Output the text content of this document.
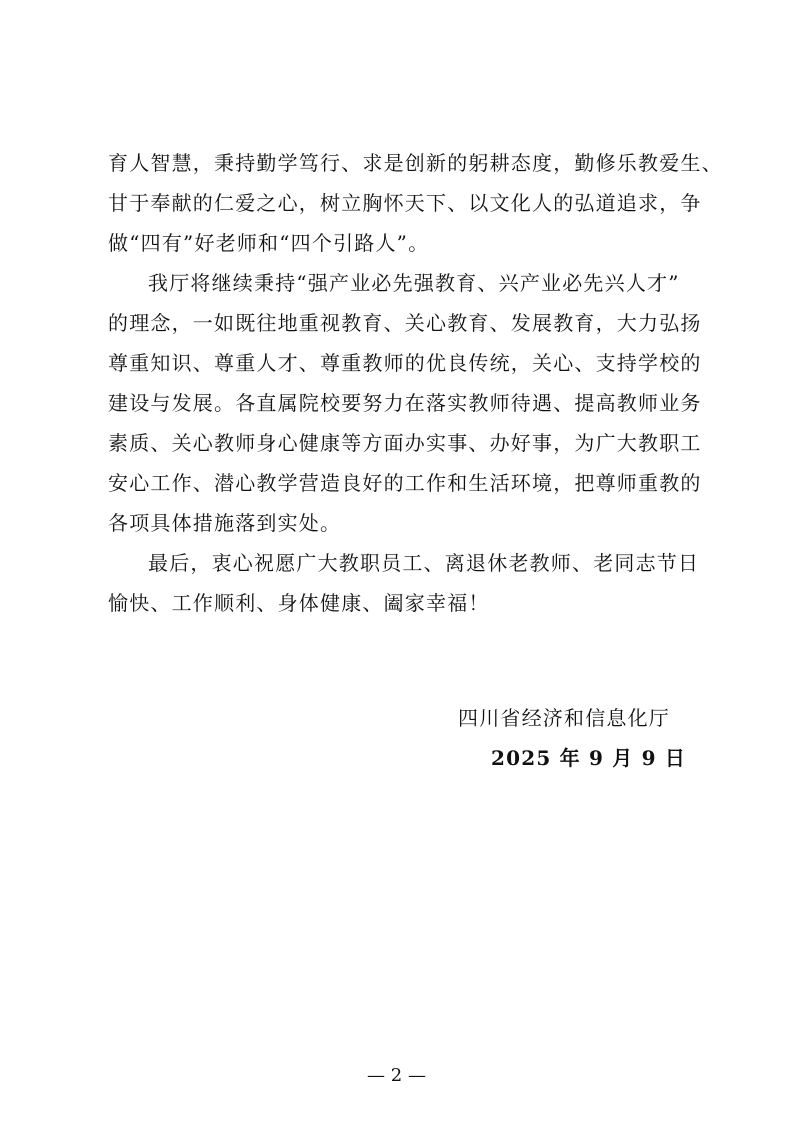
育人智慧，秉持勤学笃行、求是创新的躬耕态度，勤修乐教爱生、
甘于奉献的仁爱之心，树立胸怀天下、以文化人的弘道追求，争
做“四有”好老师和“四个引路人”。
我厅将继续秉持“强产业必先强教育、兴产业必先兴人才”
的理念，一如既往地重视教育、关心教育、发展教育，大力弘扬
尊重知识、尊重人才、尊重教师的优良传统，关心、支持学校的
建设与发展。各直属院校要努力在落实教师待遇、提高教师业务
素质、关心教师身心健康等方面办实事、办好事，为广大教职工
安心工作、潜心教学营造良好的工作和生活环境，把尊师重教的
各项具体措施落到实处。
最后，衷心祝愿广大教职员工、离退休老教师、老同志节日
愉快、工作顺利、身体健康、阖家幸福！
四川省经济和信息化厅
2025 年 9 月 9 日
— 2 —
